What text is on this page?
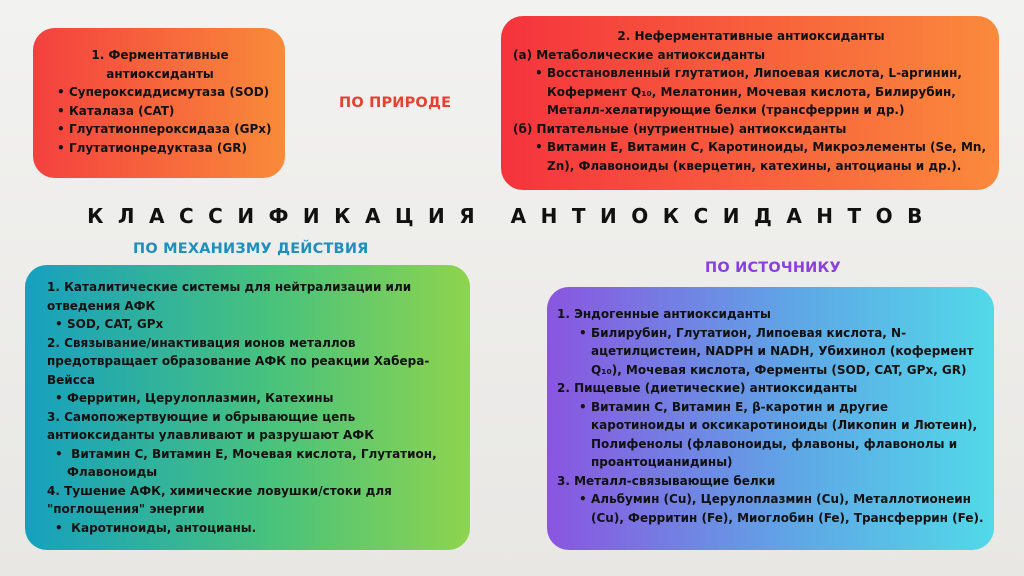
1. Ферментативные антиоксиданты

• Супероксиддисмутаза (SOD)

• Каталаза (CAT)

• Глутатионпероксидаза (GPx)

• Глутатионредуктаза (GR)

ПО ПРИРОДЕ

2. Неферментативные антиоксиданты

(а) Метаболические антиоксиданты

• Восстановленный глутатион, Липоевая кислота, L-аргинин, Кофермент Q₁₀, Мелатонин, Мочевая кислота, Билирубин, Металл-хелатирующие белки (трансферрин и др.)

(б) Питательные (нутриентные) антиоксиданты

• Витамин Е, Витамин С, Каротиноиды, Микроэлементы (Se, Mn, Zn), Флавоноиды (кверцетин, катехины, антоцианы и др.).

КЛАССИФИКАЦИЯ АНТИОКСИДАНТОВ
ПО МЕХАНИЗМУ ДЕЙСТВИЯ
ПО ИСТОЧНИКУ

1. Каталитические системы для нейтрализации или отведения АФК

• SOD, CAT, GPx

2. Связывание/инактивация ионов металлов предотвращает образование АФК по реакции Хабера-Вейсса

• Ферритин, Церулоплазмин, Катехины

3. Самопожертвующие и обрывающие цепь антиоксиданты улавливают и разрушают АФК

• Витамин С, Витамин Е, Мочевая кислота, Глутатион, Флавоноиды

4. Тушение АФК, химические ловушки/стоки для "поглощения" энергии

• Каротиноиды, антоцианы.

1. Эндогенные антиоксиданты

• Билирубин, Глутатион, Липоевая кислота, N-ацетилцистеин, NADPH и NADH, Убихинол (кофермент Q₁₀), Мочевая кислота, Ферменты (SOD, CAT, GPx, GR)

2. Пищевые (диетические) антиоксиданты

• Витамин С, Витамин Е, β-каротин и другие каротиноиды и оксикаротиноиды (Ликопин и Лютеин), Полифенолы (флавоноиды, флавоны, флавонолы и проантоцианидины)

3. Металл-связывающие белки

• Альбумин (Cu), Церулоплазмин (Cu), Металлотионеин (Cu), Ферритин (Fe), Миоглобин (Fe), Трансферрин (Fe).
